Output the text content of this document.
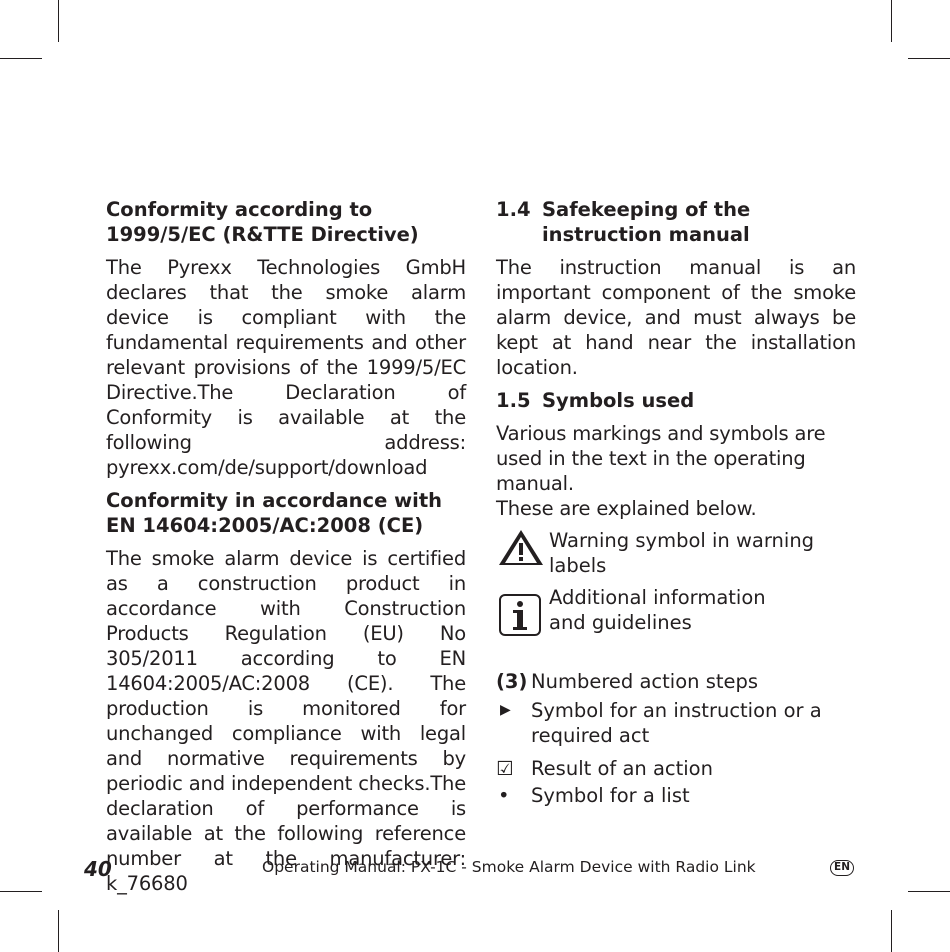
Conformity according to
1999/5/EC (R&TTE Directive)

The Pyrexx Technologies GmbH declares that the smoke alarm device is compliant with the fundamental requirements and other relevant provisions of the 1999/5/EC Directive.The Declaration of Conformity is available at the following address: pyrexx.com/de/support/download

Conformity in accordance with
EN 14604:2005/AC:2008 (CE)

The smoke alarm device is certified as a construction product in accordance with Construction Products Regulation (EU) No 305/2011 according to EN 14604:2005/AC:2008 (CE). The production is monitored for unchanged compliance with legal and normative requirements by periodic and independent checks.The declaration of performance is available at the following reference number at the manufacturer: k_76680

1.4 Safekeeping of the instruction manual

The instruction manual is an important component of the smoke alarm device, and must always be kept at hand near the installation location.

1.5 Symbols used

Various markings and symbols are used in the text in the operating manual.

These are explained below.

Warning symbol in warning labels
Additional information and guidelines
(3) Numbered action steps
▶	Symbol for an instruction or a required act
☑ Result of an action
•	Symbol for a list
40	Operating Manual: PX-1C - Smoke Alarm Device with Radio Link	EN
